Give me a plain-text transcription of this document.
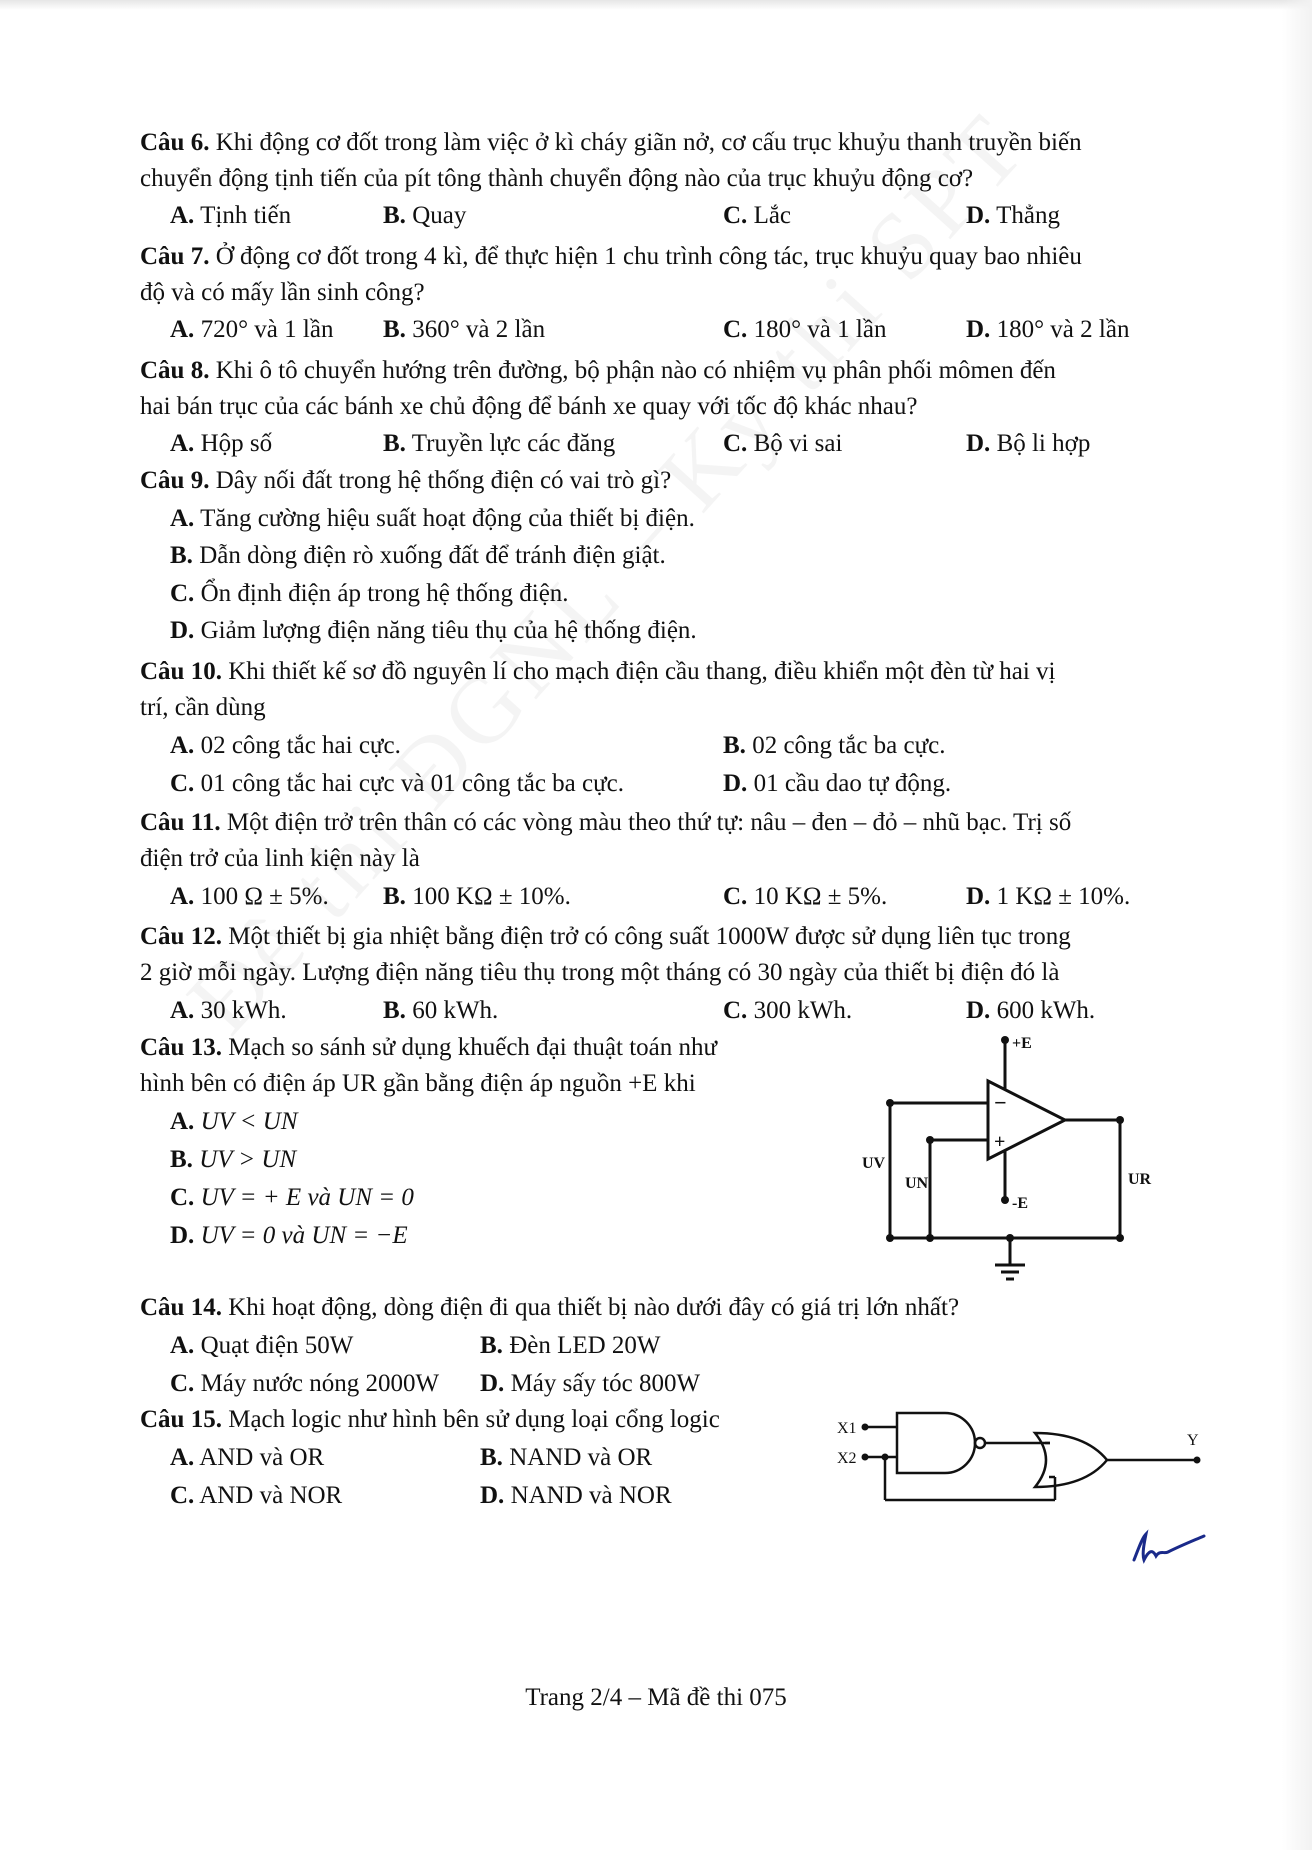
Câu 6. Khi động cơ đốt trong làm việc ở kì cháy giãn nở, cơ cấu trục khuỷu thanh truyền biến
chuyển động tịnh tiến của pít tông thành chuyển động nào của trục khuỷu động cơ?
A. Tịnh tiến	B. Quay	C. Lắc	D. Thẳng
Câu 7. Ở động cơ đốt trong 4 kì, để thực hiện 1 chu trình công tác, trục khuỷu quay bao nhiêu
độ và có mấy lần sinh công?
A. 720° và 1 lần B. 360° và 2 lần	C. 180° và 1 lần	D. 180° và 2 lần
Câu 8. Khi ô tô chuyển hướng trên đường, bộ phận nào có nhiệm vụ phân phối mômen đến
hai bán trục của các bánh xe chủ động để bánh xe quay với tốc độ khác nhau?
A. Hộp số	B. Truyền lực các đăng	C. Bộ vi sai	D. Bộ li hợp
Câu 9. Dây nối đất trong hệ thống điện có vai trò gì?
A. Tăng cường hiệu suất hoạt động của thiết bị điện.
B. Dẫn dòng điện rò xuống đất để tránh điện giật.
C. Ổn định điện áp trong hệ thống điện.
D. Giảm lượng điện năng tiêu thụ của hệ thống điện.
Câu 10. Khi thiết kế sơ đồ nguyên lí cho mạch điện cầu thang, điều khiển một đèn từ hai vị
trí, cần dùng
A. 02 công tắc hai cực.	B. 02 công tắc ba cực.
C. 01 công tắc hai cực và 01 công tắc ba cực.	D. 01 cầu dao tự động.
Câu 11. Một điện trở trên thân có các vòng màu theo thứ tự: nâu – đen – đỏ – nhũ bạc. Trị số
điện trở của linh kiện này là
A. 100 Ω ± 5%. B. 100 KΩ ± 10%.	C. 10 KΩ ± 5%.	D. 1 KΩ ± 10%.
Câu 12. Một thiết bị gia nhiệt bằng điện trở có công suất 1000W được sử dụng liên tục trong
2 giờ mỗi ngày. Lượng điện năng tiêu thụ trong một tháng có 30 ngày của thiết bị điện đó là
A. 30 kWh.	B. 60 kWh.	C. 300 kWh.	D. 600 kWh.
Câu 13. Mạch so sánh sử dụng khuếch đại thuật toán như
hình bên có điện áp UR gần bằng điện áp nguồn +E khi
A. UV < UN
B. UV > UN
C. UV = + E và UN = 0
D. UV = 0 và UN = −E
+E
-E
−
+
UV
UN	UR
Câu 14. Khi hoạt động, dòng điện đi qua thiết bị nào dưới đây có giá trị lớn nhất?
A. Quạt điện 50W	B. Đèn LED 20W
C. Máy nước nóng 2000W D. Máy sấy tóc 800W
Câu 15. Mạch logic như hình bên sử dụng loại cổng logic
A. AND và OR	B. NAND và OR
C. AND và NOR	D. NAND và NOR
X1
X2
Y
Trang 2/4 – Mã đề thi 075
